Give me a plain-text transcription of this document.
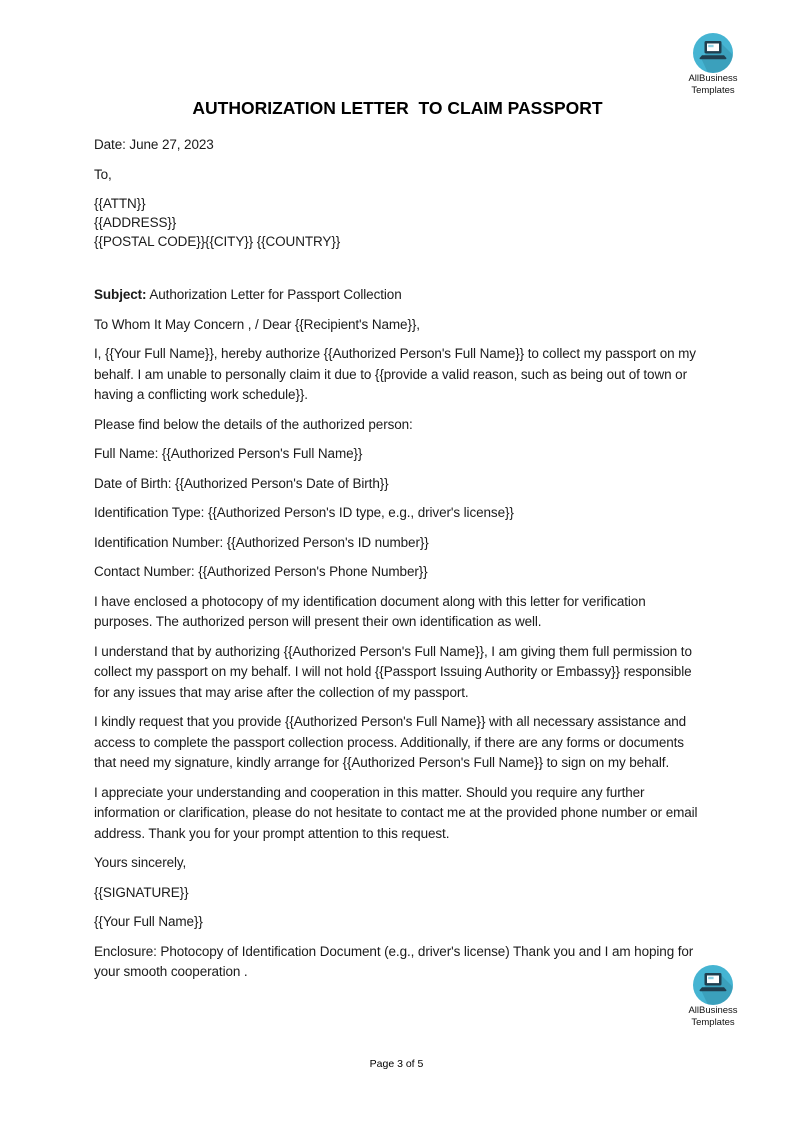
AllBusiness
Templates
AUTHORIZATION LETTER  TO CLAIM PASSPORT

Date: June 27, 2023

To,

{{ATTN}}

{{ADDRESS}}

{{POSTAL CODE}}{{CITY}} {{COUNTRY}}

Subject: Authorization Letter for Passport Collection

To Whom It May Concern , / Dear {{Recipient's Name}},

I, {{Your Full Name}}, hereby authorize {{Authorized Person's Full Name}} to collect my passport on my behalf. I am unable to personally claim it due to {{provide a valid reason, such as being out of town or having a conflicting work schedule}}.

Please find below the details of the authorized person:

Full Name: {{Authorized Person's Full Name}}

Date of Birth: {{Authorized Person's Date of Birth}}

Identification Type: {{Authorized Person's ID type, e.g., driver's license}}

Identification Number: {{Authorized Person's ID number}}

Contact Number: {{Authorized Person's Phone Number}}

I have enclosed a photocopy of my identification document along with this letter for verification purposes. The authorized person will present their own identification as well.

I understand that by authorizing {{Authorized Person's Full Name}}, I am giving them full permission to collect my passport on my behalf. I will not hold {{Passport Issuing Authority or Embassy}} responsible for any issues that may arise after the collection of my passport.

I kindly request that you provide {{Authorized Person's Full Name}} with all necessary assistance and access to complete the passport collection process. Additionally, if there are any forms or documents that need my signature, kindly arrange for {{Authorized Person's Full Name}} to sign on my behalf.

I appreciate your understanding and cooperation in this matter. Should you require any further information or clarification, please do not hesitate to contact me at the provided phone number or email address. Thank you for your prompt attention to this request.

Yours sincerely,

{{SIGNATURE}}

{{Your Full Name}}

Enclosure: Photocopy of Identification Document (e.g., driver's license) Thank you and I am hoping for your smooth cooperation .

AllBusiness
Templates
Page 3 of 5
